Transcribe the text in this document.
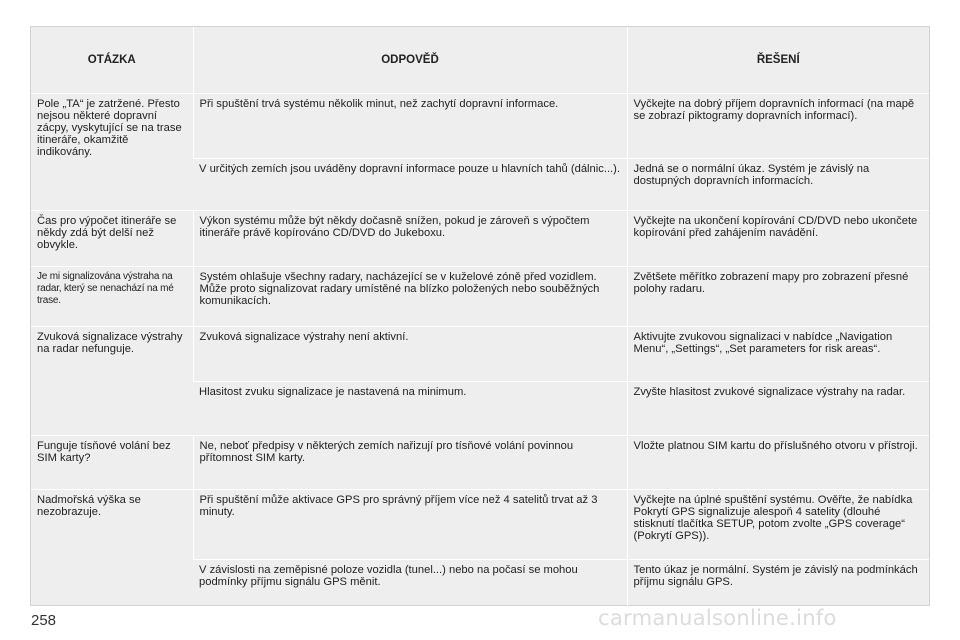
OTÁZKA	ODPOVĚĎ	ŘEŠENÍ
Pole „TA“ je zatržené. Přesto nejsou některé dopravní zácpy, vyskytující se na trase itineráře, okamžitě indikovány.	Při spuštění trvá systému několik minut, než zachytí dopravní informace.	Vyčkejte na dobrý příjem dopravních informací (na mapě se zobrazí piktogramy dopravních informací).
	V určitých zemích jsou uváděny dopravní informace pouze u hlavních tahů (dálnic...).	Jedná se o normální úkaz. Systém je závislý na dostupných dopravních informacích.
Čas pro výpočet itineráře se někdy zdá být delší než obvykle.	Výkon systému může být někdy dočasně snížen, pokud je zároveň s výpočtem itineráře právě kopírováno CD/DVD do Jukeboxu.	Vyčkejte na ukončení kopírování CD/DVD nebo ukončete kopírování před zahájením navádění.
Je mi signalizována výstraha na radar, který se nenachází na mé trase.	Systém ohlašuje všechny radary, nacházející se v kuželové zóně před vozidlem. Může proto signalizovat radary umístěné na blízko položených nebo souběžných komunikacích.	Zvětšete měřítko zobrazení mapy pro zobrazení přesné polohy radaru.
Zvuková signalizace výstrahy na radar nefunguje.	Zvuková signalizace výstrahy není aktivní.	Aktivujte zvukovou signalizaci v nabídce „Navigation Menu“, „Settings“, „Set parameters for risk areas“.
	Hlasitost zvuku signalizace je nastavená na minimum.	Zvyšte hlasitost zvukové signalizace výstrahy na radar.
Funguje tísňové volání bez SIM karty?	Ne, neboť předpisy v některých zemích nařizují pro tísňové volání povinnou přítomnost SIM karty.	Vložte platnou SIM kartu do příslušného otvoru v přístroji.
Nadmořská výška se nezobrazuje.	Při spuštění může aktivace GPS pro správný příjem více než 4 satelitů trvat až 3 minuty.	Vyčkejte na úplné spuštění systému. Ověřte, že nabídka Pokrytí GPS signalizuje alespoň 4 satelity (dlouhé stisknutí tlačítka SETUP, potom zvolte „GPS coverage“ (Pokrytí GPS)).
	V závislosti na zeměpisné poloze vozidla (tunel...) nebo na počasí se mohou podmínky příjmu signálu GPS měnit.	Tento úkaz je normální. Systém je závislý na podmínkách příjmu signálu GPS.
258	carmanualsonline.info
